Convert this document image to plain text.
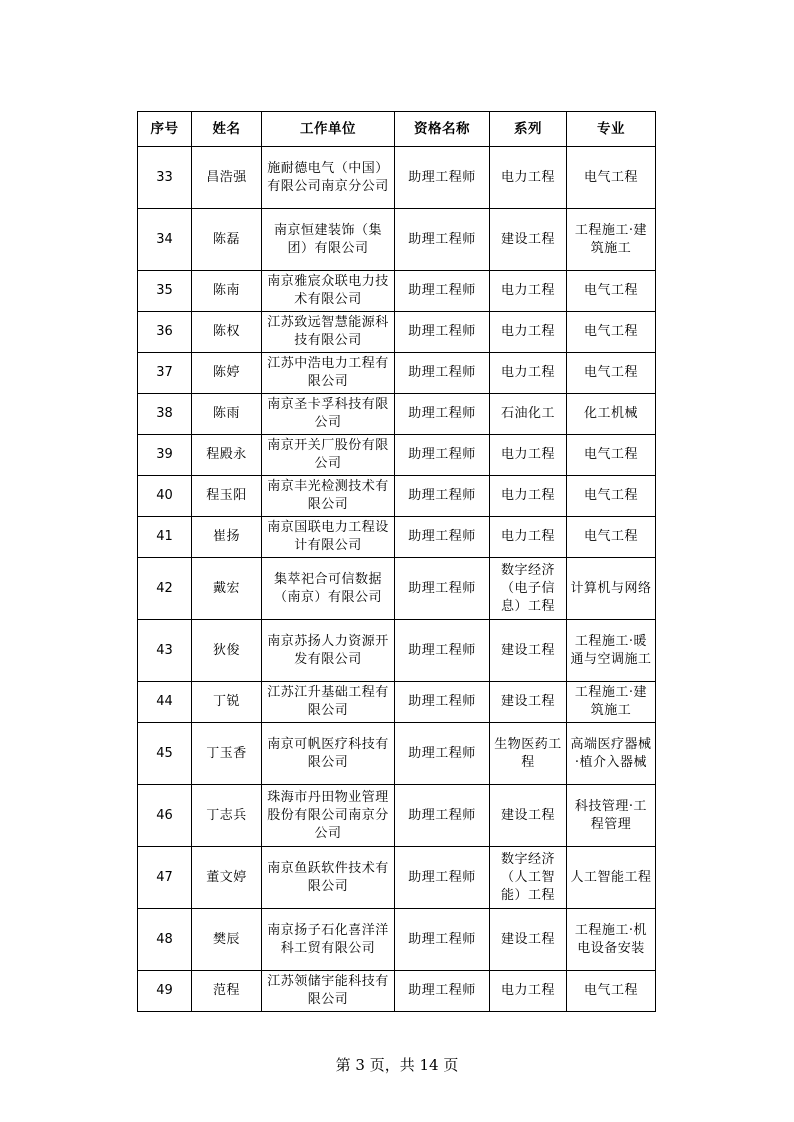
序号	姓名	工作单位	资格名称	系列	专业
33	昌浩强	施耐德电气（中国）有限公司南京分公司	助理工程师	电力工程	电气工程
34	陈磊	南京恒建装饰（集团）有限公司	助理工程师	建设工程	工程施工·建筑施工
35	陈南	南京雅宸众联电力技术有限公司	助理工程师	电力工程	电气工程
36	陈权	江苏致远智慧能源科技有限公司	助理工程师	电力工程	电气工程
37	陈婷	江苏中浩电力工程有限公司	助理工程师	电力工程	电气工程
38	陈雨	南京圣卡孚科技有限公司	助理工程师	石油化工	化工机械
39	程殿永	南京开关厂股份有限公司	助理工程师	电力工程	电气工程
40	程玉阳	南京丰光检测技术有限公司	助理工程师	电力工程	电气工程
41	崔扬	南京国联电力工程设计有限公司	助理工程师	电力工程	电气工程
42	戴宏	集萃祀合可信数据（南京）有限公司	助理工程师	数字经济（电子信息）工程	计算机与网络
43	狄俊	南京苏扬人力资源开发有限公司	助理工程师	建设工程	工程施工·暖通与空调施工
44	丁锐	江苏江升基础工程有限公司	助理工程师	建设工程	工程施工·建筑施工
45	丁玉香	南京可帆医疗科技有限公司	助理工程师	生物医药工程	高端医疗器械·植介入器械
46	丁志兵	珠海市丹田物业管理股份有限公司南京分公司	助理工程师	建设工程	科技管理·工程管理
47	董文婷	南京鱼跃软件技术有限公司	助理工程师	数字经济（人工智能）工程	人工智能工程
48	樊辰	南京扬子石化喜洋洋科工贸有限公司	助理工程师	建设工程	工程施工·机电设备安装
49	范程	江苏领储宇能科技有限公司	助理工程师	电力工程	电气工程
第 3 页，共 14 页
